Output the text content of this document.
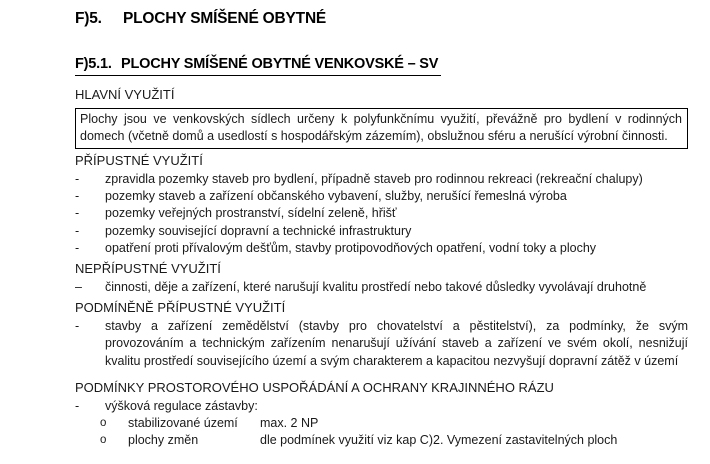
F)5.	PLOCHY SMÍŠENÉ OBYTNÉ
F)5.1. PLOCHY SMÍŠENÉ OBYTNÉ VENKOVSKÉ – SV
HLAVNÍ VYUŽITÍ
Plochy jsou ve venkovských sídlech určeny k polyfunkčnímu využití, převážně pro bydlení v rodinných domech (včetně domů a usedlostí s hospodářským zázemím), obslužnou sféru a nerušící výrobní činnosti.
PŘÍPUSTNÉ VYUŽITÍ
-	zpravidla pozemky staveb pro bydlení, případně staveb pro rodinnou rekreaci (rekreační chalupy)
-	pozemky staveb a zařízení občanského vybavení, služby, nerušící řemeslná výroba
-	pozemky veřejných prostranství, sídelní zeleně, hřišť
-	pozemky související dopravní a technické infrastruktury
-	opatření proti přívalovým dešťům, stavby protipovodňových opatření, vodní toky a plochy
NEPŘÍPUSTNÉ VYUŽITÍ
–	činnosti, děje a zařízení, které narušují kvalitu prostředí nebo takové důsledky vyvolávají druhotně
PODMÍNĚNĚ PŘÍPUSTNÉ VYUŽITÍ
-	stavby a zařízení zemědělství (stavby pro chovatelství a pěstitelství), za podmínky, že svým provozováním a technickým zařízením nenarušují užívání staveb a zařízení ve svém okolí, nesnižují kvalitu prostředí souvisejícího území a svým charakterem a kapacitou nezvyšují dopravní zátěž v území
PODMÍNKY PROSTOROVÉHO USPOŘÁDÁNÍ A OCHRANY KRAJINNÉHO RÁZU
-	výšková regulace zástavby:
o	stabilizované území	max. 2 NP
o	plochy změn	dle podmínek využití viz kap C)2. Vymezení zastavitelných ploch
